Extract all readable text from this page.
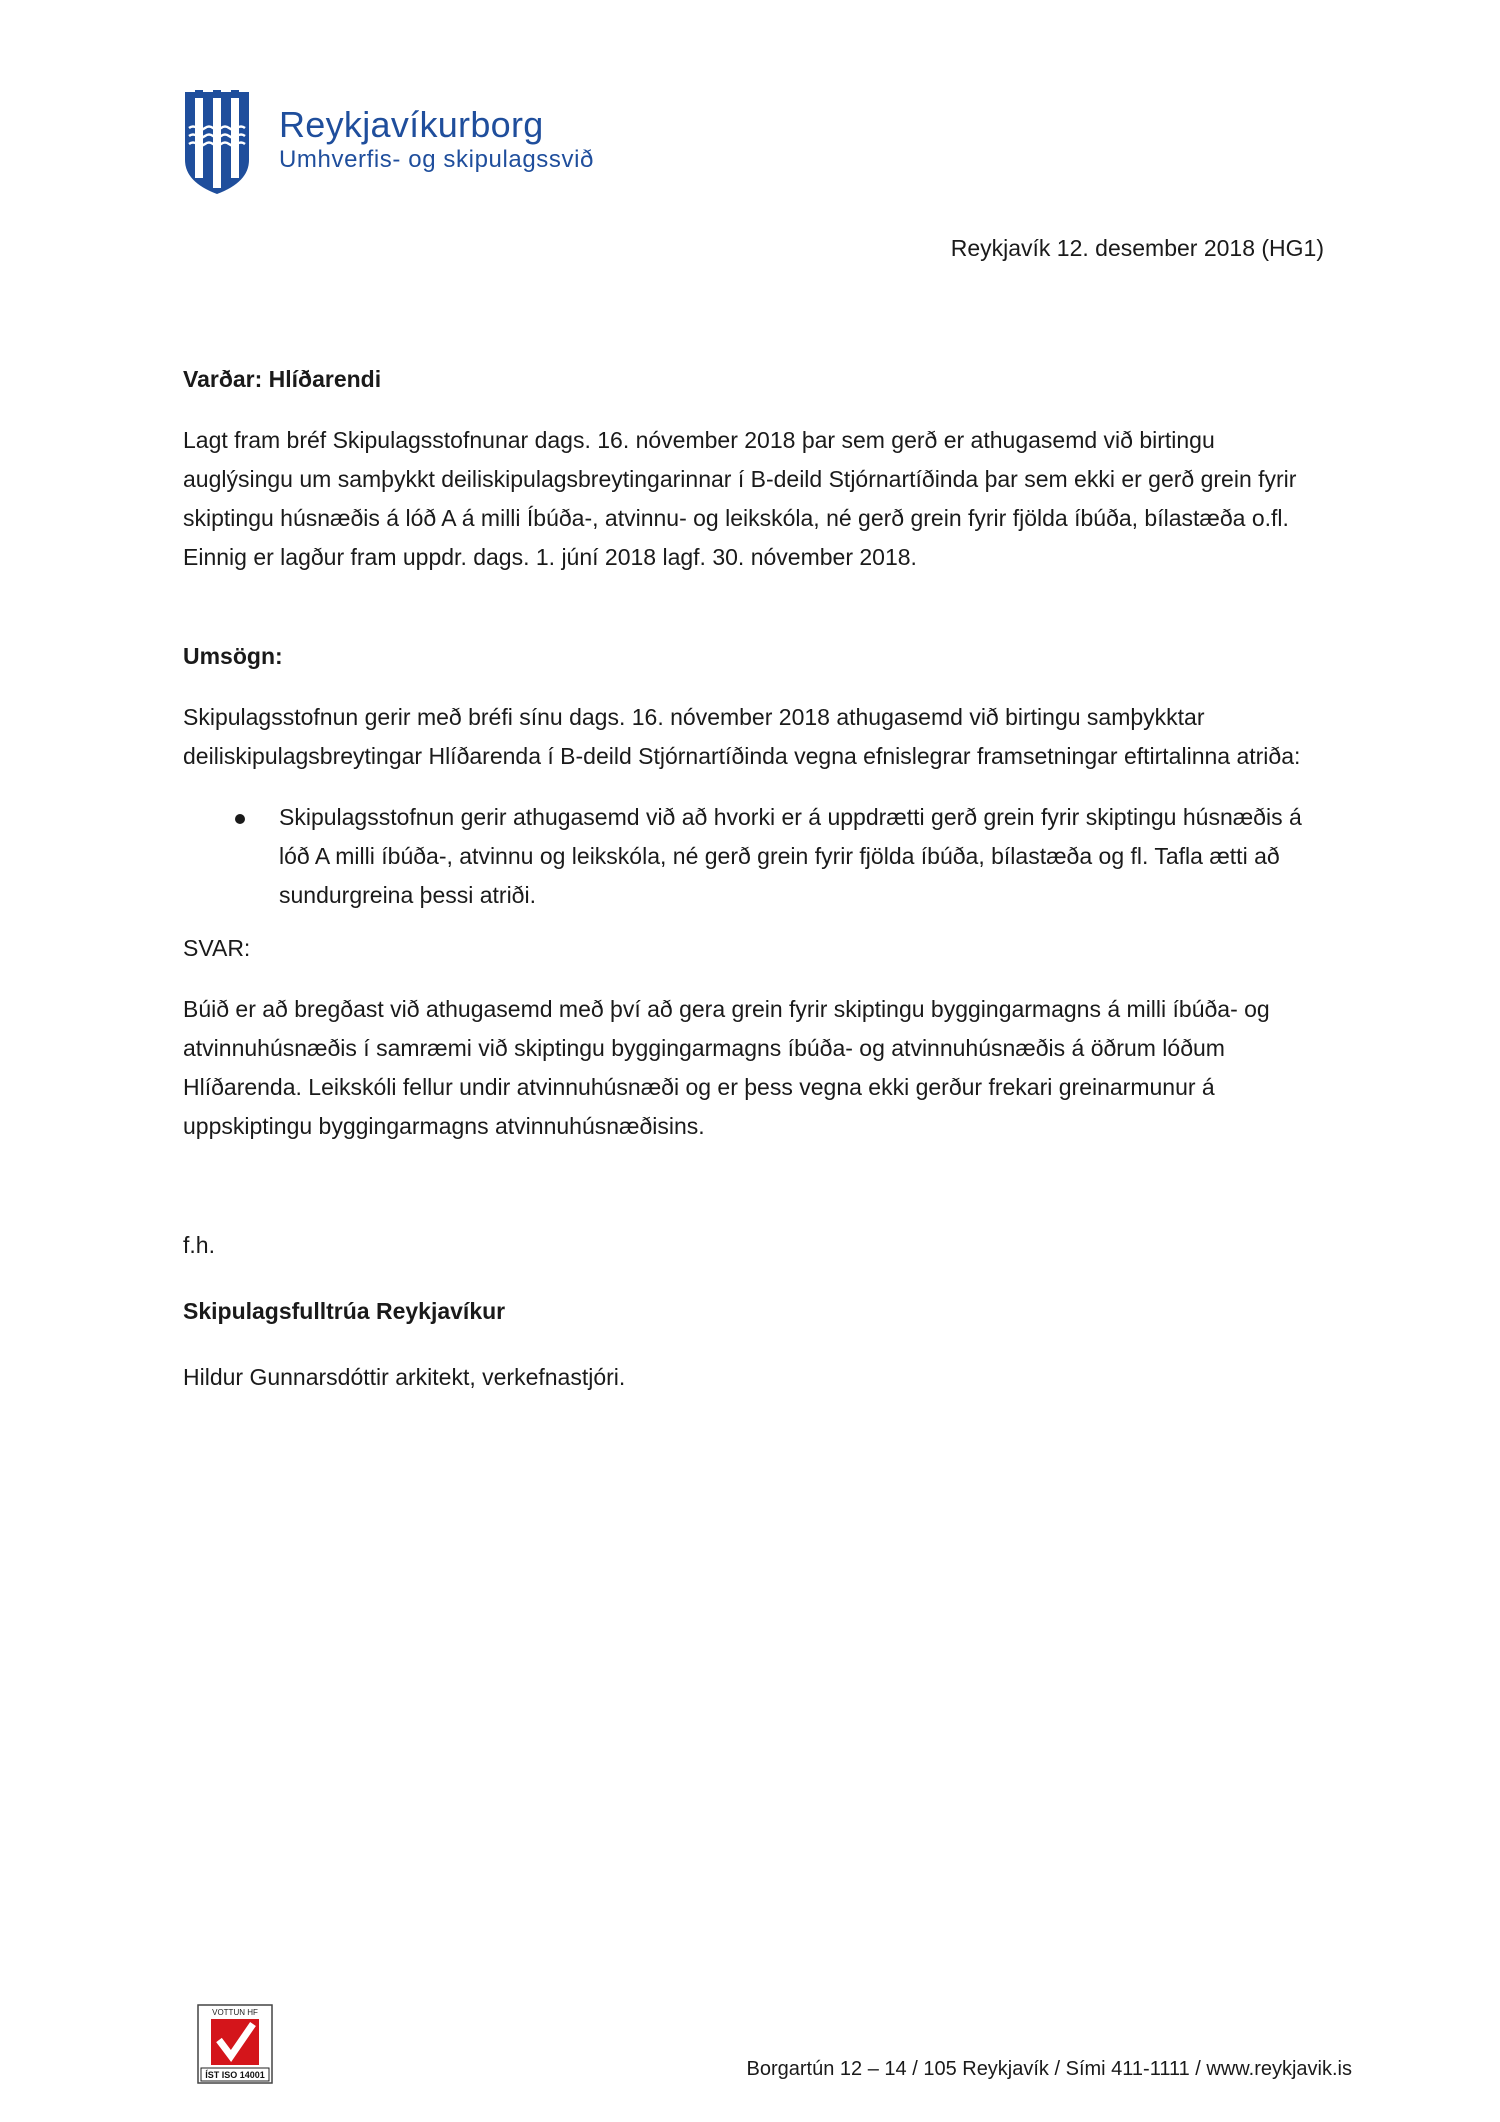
Reykjavíkurborg
Umhverfis- og skipulagssvið
Reykjavík 12. desember 2018 (HG1)

Varðar: Hlíðarendi

Lagt fram bréf Skipulagsstofnunar dags. 16. nóvember 2018 þar sem gerð er athugasemd við birtingu auglýsingu um samþykkt deiliskipulagsbreytingarinnar í B-deild Stjórnartíðinda þar sem ekki er gerð grein fyrir skiptingu húsnæðis á lóð A á milli Íbúða-, atvinnu- og leikskóla, né gerð grein fyrir fjölda íbúða, bílastæða o.fl. Einnig er lagður fram uppdr. dags. 1. júní 2018 lagf. 30. nóvember 2018.

Umsögn:

Skipulagsstofnun gerir með bréfi sínu dags. 16. nóvember 2018 athugasemd við birtingu samþykktar deiliskipulagsbreytingar Hlíðarenda í B-deild Stjórnartíðinda vegna efnislegrar framsetningar eftirtalinna atriða:

Skipulagsstofnun gerir athugasemd við að hvorki er á uppdrætti gerð grein fyrir skiptingu húsnæðis á lóð A milli íbúða-, atvinnu og leikskóla, né gerð grein fyrir fjölda íbúða, bílastæða og fl. Tafla ætti að sundurgreina þessi atriði.

SVAR:

Búið er að bregðast við athugasemd með því að gera grein fyrir skiptingu byggingarmagns á milli íbúða- og atvinnuhúsnæðis í samræmi við skiptingu byggingarmagns íbúða- og atvinnuhúsnæðis á öðrum lóðum Hlíðarenda. Leikskóli fellur undir atvinnuhúsnæði og er þess vegna ekki gerður frekari greinarmunur á uppskiptingu byggingarmagns atvinnuhúsnæðisins.

f.h.

Skipulagsfulltrúa Reykjavíkur

Hildur Gunnarsdóttir arkitekt, verkefnastjóri.

VOTTUN HF
ÍST ISO 14001	Borgartún 12 – 14 / 105 Reykjavík / Sími 411-1111 / www.reykjavik.is
